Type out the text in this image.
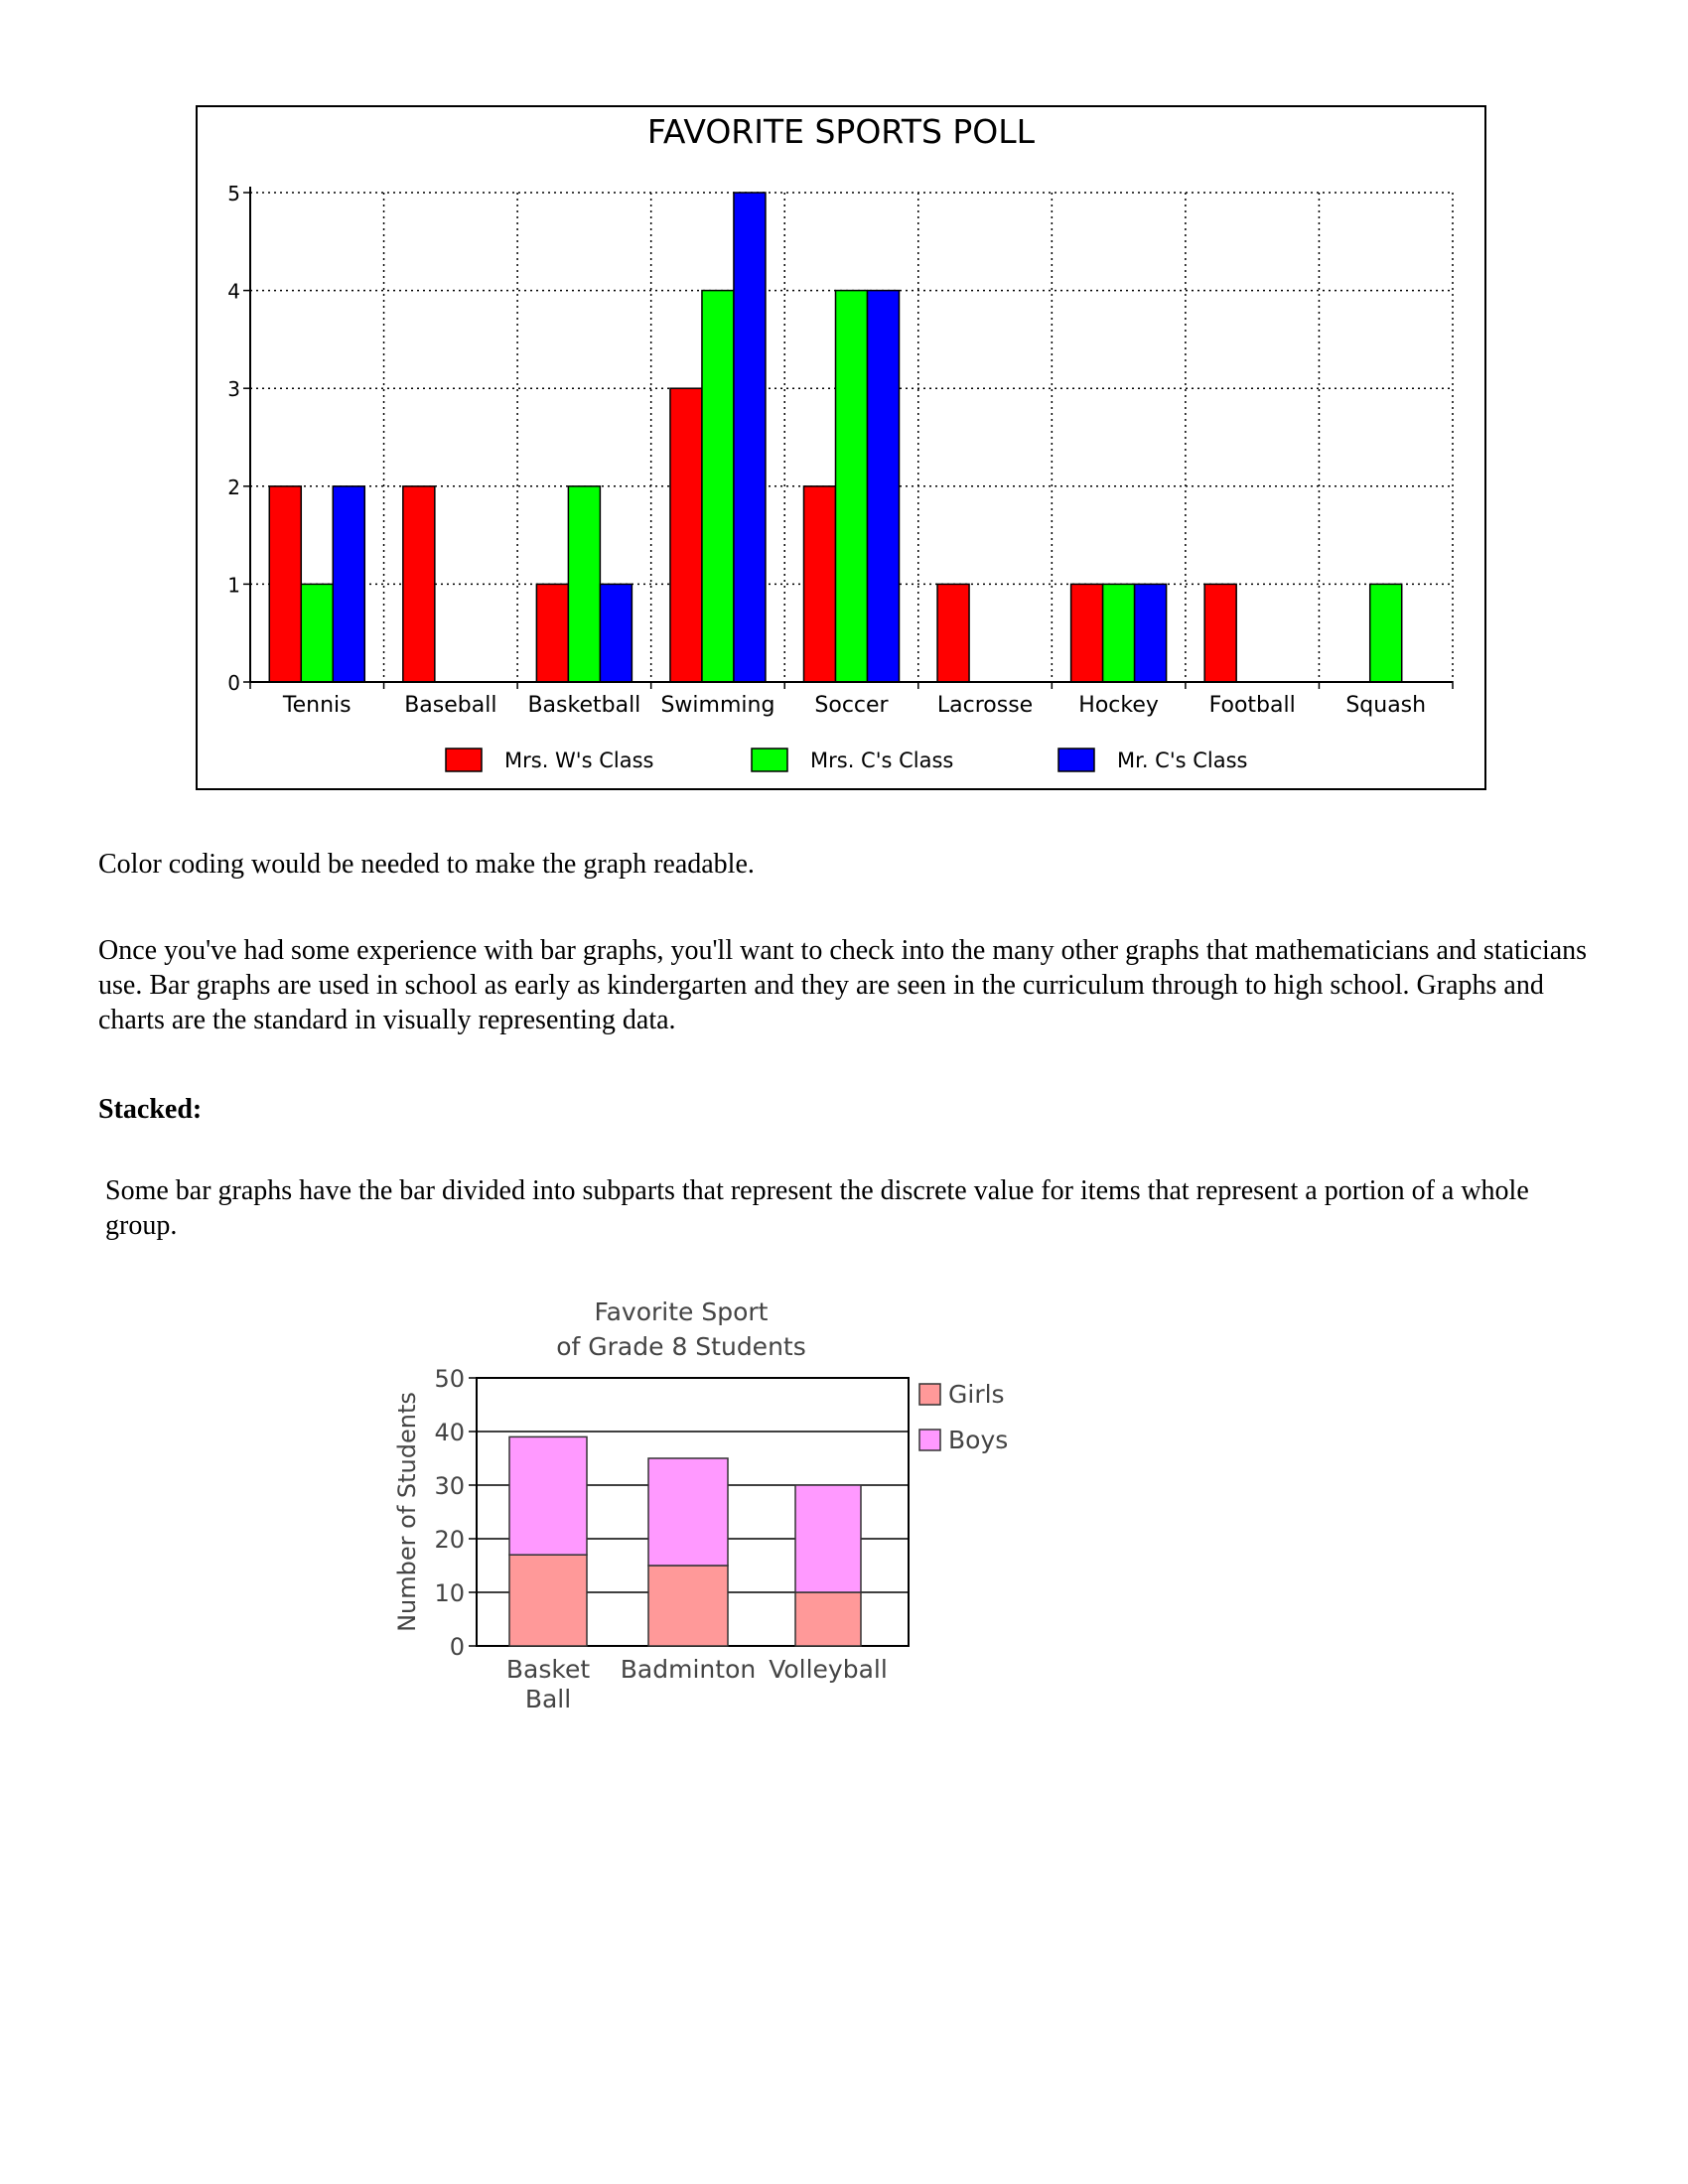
FAVORITE SPORTS POLL
0
1
2
3
4
5
Tennis Baseball Basketball Swimming Soccer Lacrosse Hockey Football Squash
Mrs. W's Class	Mrs. C's Class	Mr. C's Class

Color coding would be needed to make the graph readable.

Once you've had some experience with bar graphs, you'll want to check into the many other graphs that mathematicians and staticians use. Bar graphs are used in school as early as kindergarten and they are seen in the curriculum through to high school. Graphs and charts are the standard in visually representing data.

Stacked:

Some bar graphs have the bar divided into subparts that represent the discrete value for items that represent a portion of a whole group.

Favorite Sport
of Grade 8 Students
0
10
20
30
40
50
Basket
Ball
Badminton Volleyball
Number of Students	Girls
Boys
